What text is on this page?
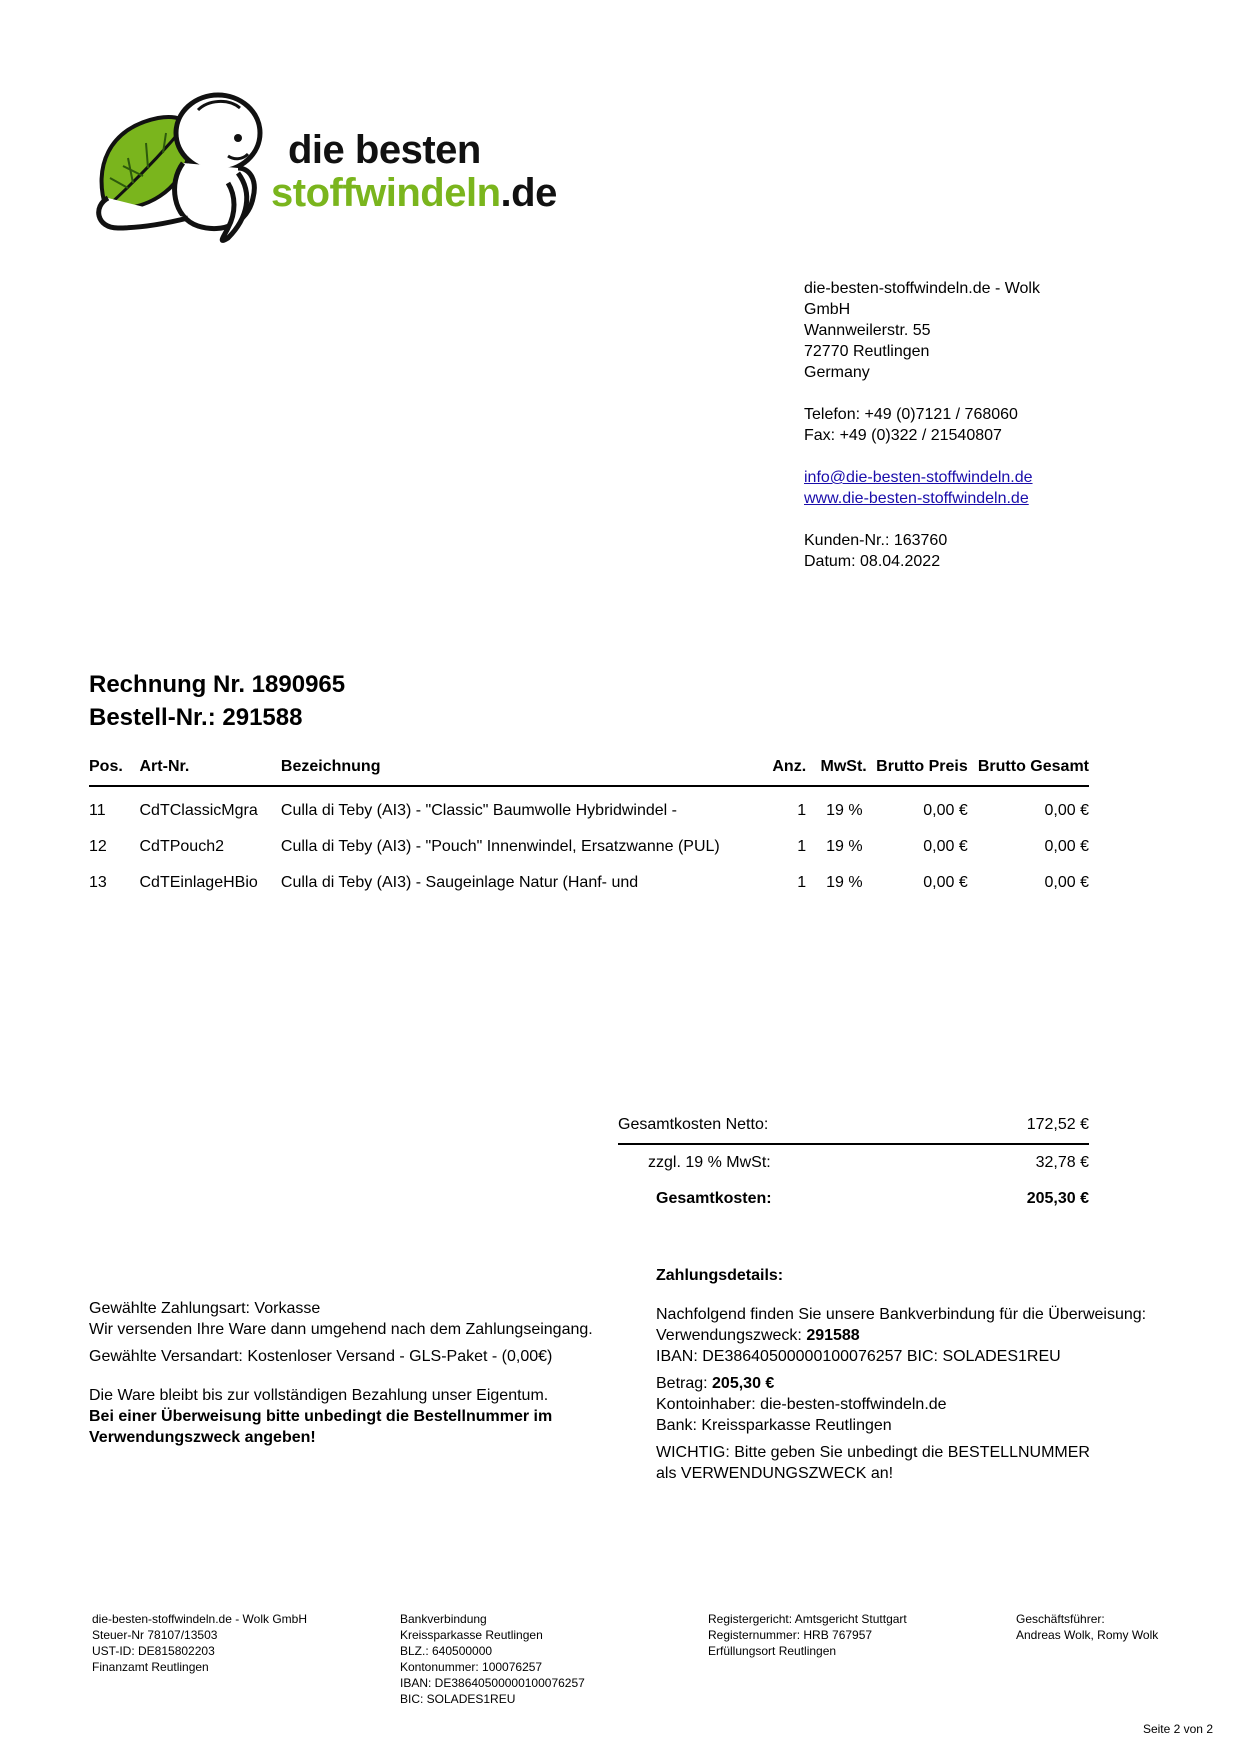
die besten
stoffwindeln.de
die-besten-stoffwindeln.de - Wolk
GmbH
Wannweilerstr. 55
72770 Reutlingen
Germany
Telefon: +49 (0)7121 / 768060
Fax: +49 (0)322 / 21540807
info@die-besten-stoffwindeln.de
www.die-besten-stoffwindeln.de
Kunden-Nr.: 163760
Datum: 08.04.2022
Rechnung Nr. 1890965
Bestell-Nr.: 291588
Pos.	Art-Nr.	Bezeichnung	Anz.	MwSt.	Brutto Preis	Brutto Gesamt
11	CdTClassicMgra	Culla di Teby (AI3) - "Classic" Baumwolle Hybridwindel -	1	19 %	0,00 €	0,00 €
12	CdTPouch2	Culla di Teby (AI3) - "Pouch" Innenwindel, Ersatzwanne (PUL)	1	19 %	0,00 €	0,00 €
13	CdTEinlageHBio	Culla di Teby (AI3) - Saugeinlage Natur (Hanf- und	1	19 %	0,00 €	0,00 €
Gesamtkosten Netto:	172,52 €
zzgl. 19 % MwSt:	32,78 €
Gesamtkosten:	205,30 €
Gewählte Zahlungsart: Vorkasse
Wir versenden Ihre Ware dann umgehend nach dem Zahlungseingang.
Gewählte Versandart: Kostenloser Versand - GLS-Paket - (0,00€)
Die Ware bleibt bis zur vollständigen Bezahlung unser Eigentum.
Bei einer Überweisung bitte unbedingt die Bestellnummer im
Verwendungszweck angeben!
Zahlungsdetails:
Nachfolgend finden Sie unsere Bankverbindung für die Überweisung:
Verwendungszweck: 291588
IBAN: DE38640500000100076257 BIC: SOLADES1REU
Betrag: 205,30 €
Kontoinhaber: die-besten-stoffwindeln.de
Bank: Kreissparkasse Reutlingen
WICHTIG: Bitte geben Sie unbedingt die BESTELLNUMMER
als VERWENDUNGSZWECK an!
die-besten-stoffwindeln.de - Wolk GmbH
Steuer-Nr 78107/13503
UST-ID: DE815802203
Finanzamt Reutlingen
Bankverbindung
Kreissparkasse Reutlingen
BLZ.: 640500000
Kontonummer: 100076257
IBAN: DE38640500000100076257
BIC: SOLADES1REU
Registergericht: Amtsgericht Stuttgart
Registernummer: HRB 767957
Erfüllungsort Reutlingen
Geschäftsführer:
Andreas Wolk, Romy Wolk
Seite 2 von 2
